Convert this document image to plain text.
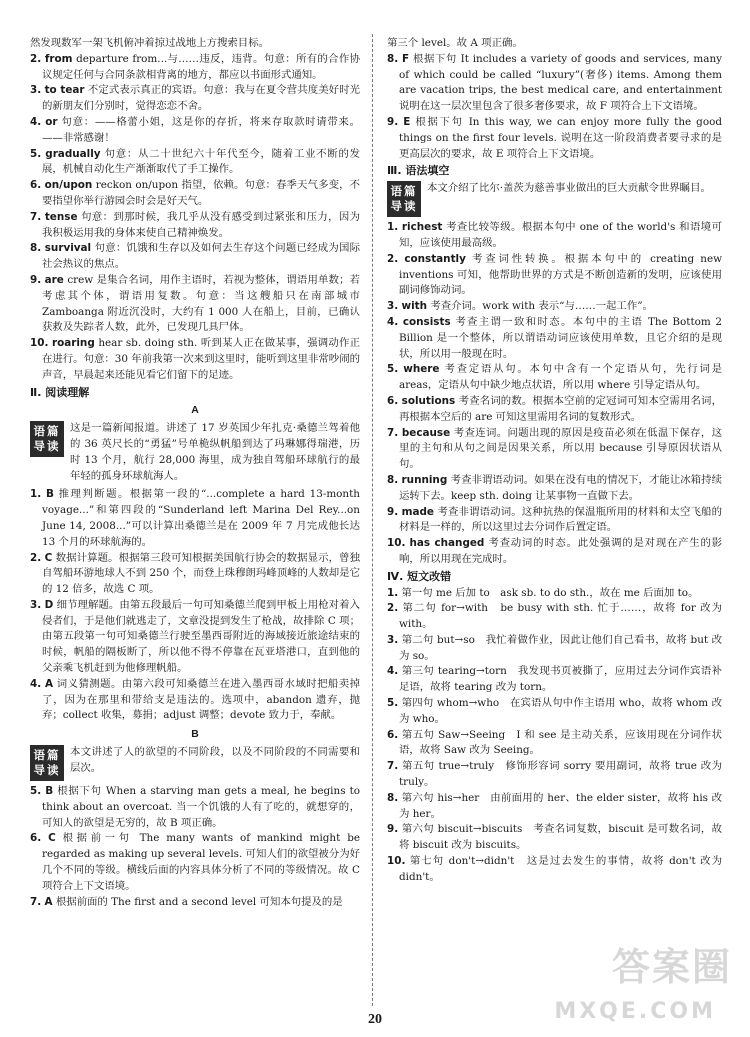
然发现数军一架飞机俯冲着掠过战地上方搜索目标。

2. from departure from...与……违反，违背。句意：所有的合作协议规定任何与合同条款相背离的地方，都应以书面形式通知。

3. to tear 不定式表示真正的宾语。句意：我与在夏令营共度美好时光的新朋友们分别时，觉得恋恋不舍。

4. or 句意：——格蕾小姐，这是你的存折，将来存取款时请带来。——非常感谢！

5. gradually 句意：从二十世纪六十年代至今，随着工业不断的发展，机械自动化生产渐渐取代了手工操作。

6. on/upon reckon on/upon 指望，依赖。句意：春季天气多变，不要指望你举行游园会时会是好天气。

7. tense 句意：到那时候，我几乎从没有感受到过紧张和压力，因为我积极运用我的身体来使自己精神焕发。

8. survival 句意：饥饿和生存以及如何去生存这个问题已经成为国际社会热议的焦点。

9. are crew 是集合名词，用作主语时，若视为整体，谓语用单数；若考虑其个体，谓语用复数。句意：当这艘船只在南部城市 Zamboanga 附近沉没时，大约有 1 000 人在船上，目前，已确认获救及失踪者人数，此外，已发现几具尸体。

10. roaring hear sb. doing sth. 听到某人正在做某事，强调动作正在进行。句意：30 年前我第一次来到这里时，能听到这里非常吵闹的声音，早晨起来还能见看它们留下的足迹。

Ⅱ. 阅读理解
A
语篇导读
这是一篇新闻报道。讲述了 17 岁英国少年扎克·桑德兰驾着他的 36 英尺长的“勇猛”号单桅纵帆船到达了玛琳娜得瑞港，历时 13 个月，航行 28,000 海里，成为独自驾船环球航行的最年轻的孤身环球航海人。

1. B 推理判断题。根据第一段的“...complete a hard 13-month voyage...”和第四段的“Sunderland left Marina Del Rey...on June 14, 2008...”可以计算出桑德兰是在 2009 年 7 月完成他长达 13 个月的环球航海的。

2. C 数据计算题。根据第三段可知根据美国航行协会的数据显示，曾独自驾船环游地球人不到 250 个，而登上珠穆朗玛峰顶峰的人数却是它的 12 倍多，故选 C 项。

3. D 细节理解题。由第五段最后一句可知桑德兰爬到甲板上用枪对着入侵者们，于是他们就逃走了，文章没提到发生了枪战，故排除 C 项；由第五段第一句可知桑德兰行驶至墨西哥附近的海域接近旅途结束的时候，帆船的隔板断了，所以他不得不停靠在瓦亚塔港口，直到他的父亲乘飞机赶到为他修理帆船。

4. A 词义猜测题。由第六段可知桑德兰在进入墨西哥水域时把船卖掉了，因为在那里和带给支是违法的。选项中，abandon 遗弃，抛弃；collect 收集，募捐；adjust 调整；devote 致力于，奉献。

B
语篇导读
本文讲述了人的欲望的不同阶段，以及不同阶段的不同需要和层次。

5. B 根据下句 When a starving man gets a meal, he begins to think about an overcoat. 当一个饥饿的人有了吃的，就想穿的，可知人的欲望是无穷的，故 B 项正确。

6. C 根据前一句 The many wants of mankind might be regarded as making up several levels. 可知人们的欲望被分为好几个不同的等级。横线后面的内容具体分析了不同的等级情况。故 C 项符合上下文语境。

7. A 根据前面的 The first and a second level 可知本句提及的是

第三个 level。故 A 项正确。

8. F 根据下句 It includes a variety of goods and services, many of which could be called “luxury”(奢侈) items. Among them are vacation trips, the best medical care, and entertainment 说明在这一层次里包含了很多奢侈要求，故 F 项符合上下文语境。

9. E 根据下句 In this way, we can enjoy more fully the good things on the first four levels. 说明在这一阶段消费者要寻求的是更高层次的要求，故 E 项符合上下文语境。

Ⅲ. 语法填空
语篇导读
本文介绍了比尔·盖茨为慈善事业做出的巨大贡献令世界瞩目。

1. richest 考查比较等级。根据本句中 one of the world's 和语境可知，应该使用最高级。

2. constantly 考查词性转换。根据本句中的 creating new inventions 可知，他帮助世界的方式是不断创造新的发明，应该使用副词修饰动词。

3. with 考查介词。work with 表示“与……一起工作”。

4. consists 考查主谓一致和时态。本句中的主语 The Bottom 2 Billion 是一个整体，所以谓语动词应该使用单数，且它介绍的是现状，所以用一般现在时。

5. where 考查定语从句。本句中含有一个定语从句，先行词是 areas，定语从句中缺少地点状语，所以用 where 引导定语从句。

6. solutions 考查名词的数。根据本空前的定冠词可知本空需用名词，再根据本空后的 are 可知这里需用名词的复数形式。

7. because 考查连词。问题出现的原因是疫苗必须在低温下保存，这里的主句和从句之间是因果关系，所以用 because 引导原因状语从句。

8. running 考查非谓语动词。如果在没有电的情况下，才能让冰箱持续运转下去。keep sth. doing 让某事物一直做下去。

9. made 考查非谓语动词。这种抗热的保温瓶所用的材料和太空飞船的材料是一样的，所以这里过去分词作后置定语。

10. has changed 考查动词的时态。此处强调的是对现在产生的影响，所以用现在完成时。

Ⅳ. 短文改错

1. 第一句 me 后加 to　ask sb. to do sth.，故在 me 后面加 to。

2. 第二句 for→with　be busy with sth. 忙于……，故将 for 改为 with。

3. 第二句 but→so　我忙着做作业，因此让他们自己看书，故将 but 改为 so。

4. 第三句 tearing→torn　我发现书页被撕了，应用过去分词作宾语补足语，故将 tearing 改为 torn。

5. 第四句 whom→who　在宾语从句中作主语用 who，故将 whom 改为 who。

6. 第五句 Saw→Seeing　I 和 see 是主动关系，应该用现在分词作状语，故将 Saw 改为 Seeing。

7. 第五句 true→truly　修饰形容词 sorry 要用副词，故将 true 改为 truly。

8. 第六句 his→her　由前面用的 her、the elder sister，故将 his 改为 her。

9. 第六句 biscuit→biscuits　考查名词复数，biscuit 是可数名词，故将 biscuit 改为 biscuits。

10. 第七句 don't→didn't　这是过去发生的事情，故将 don't 改为 didn't。

20
答案圈
MXQE.COM
